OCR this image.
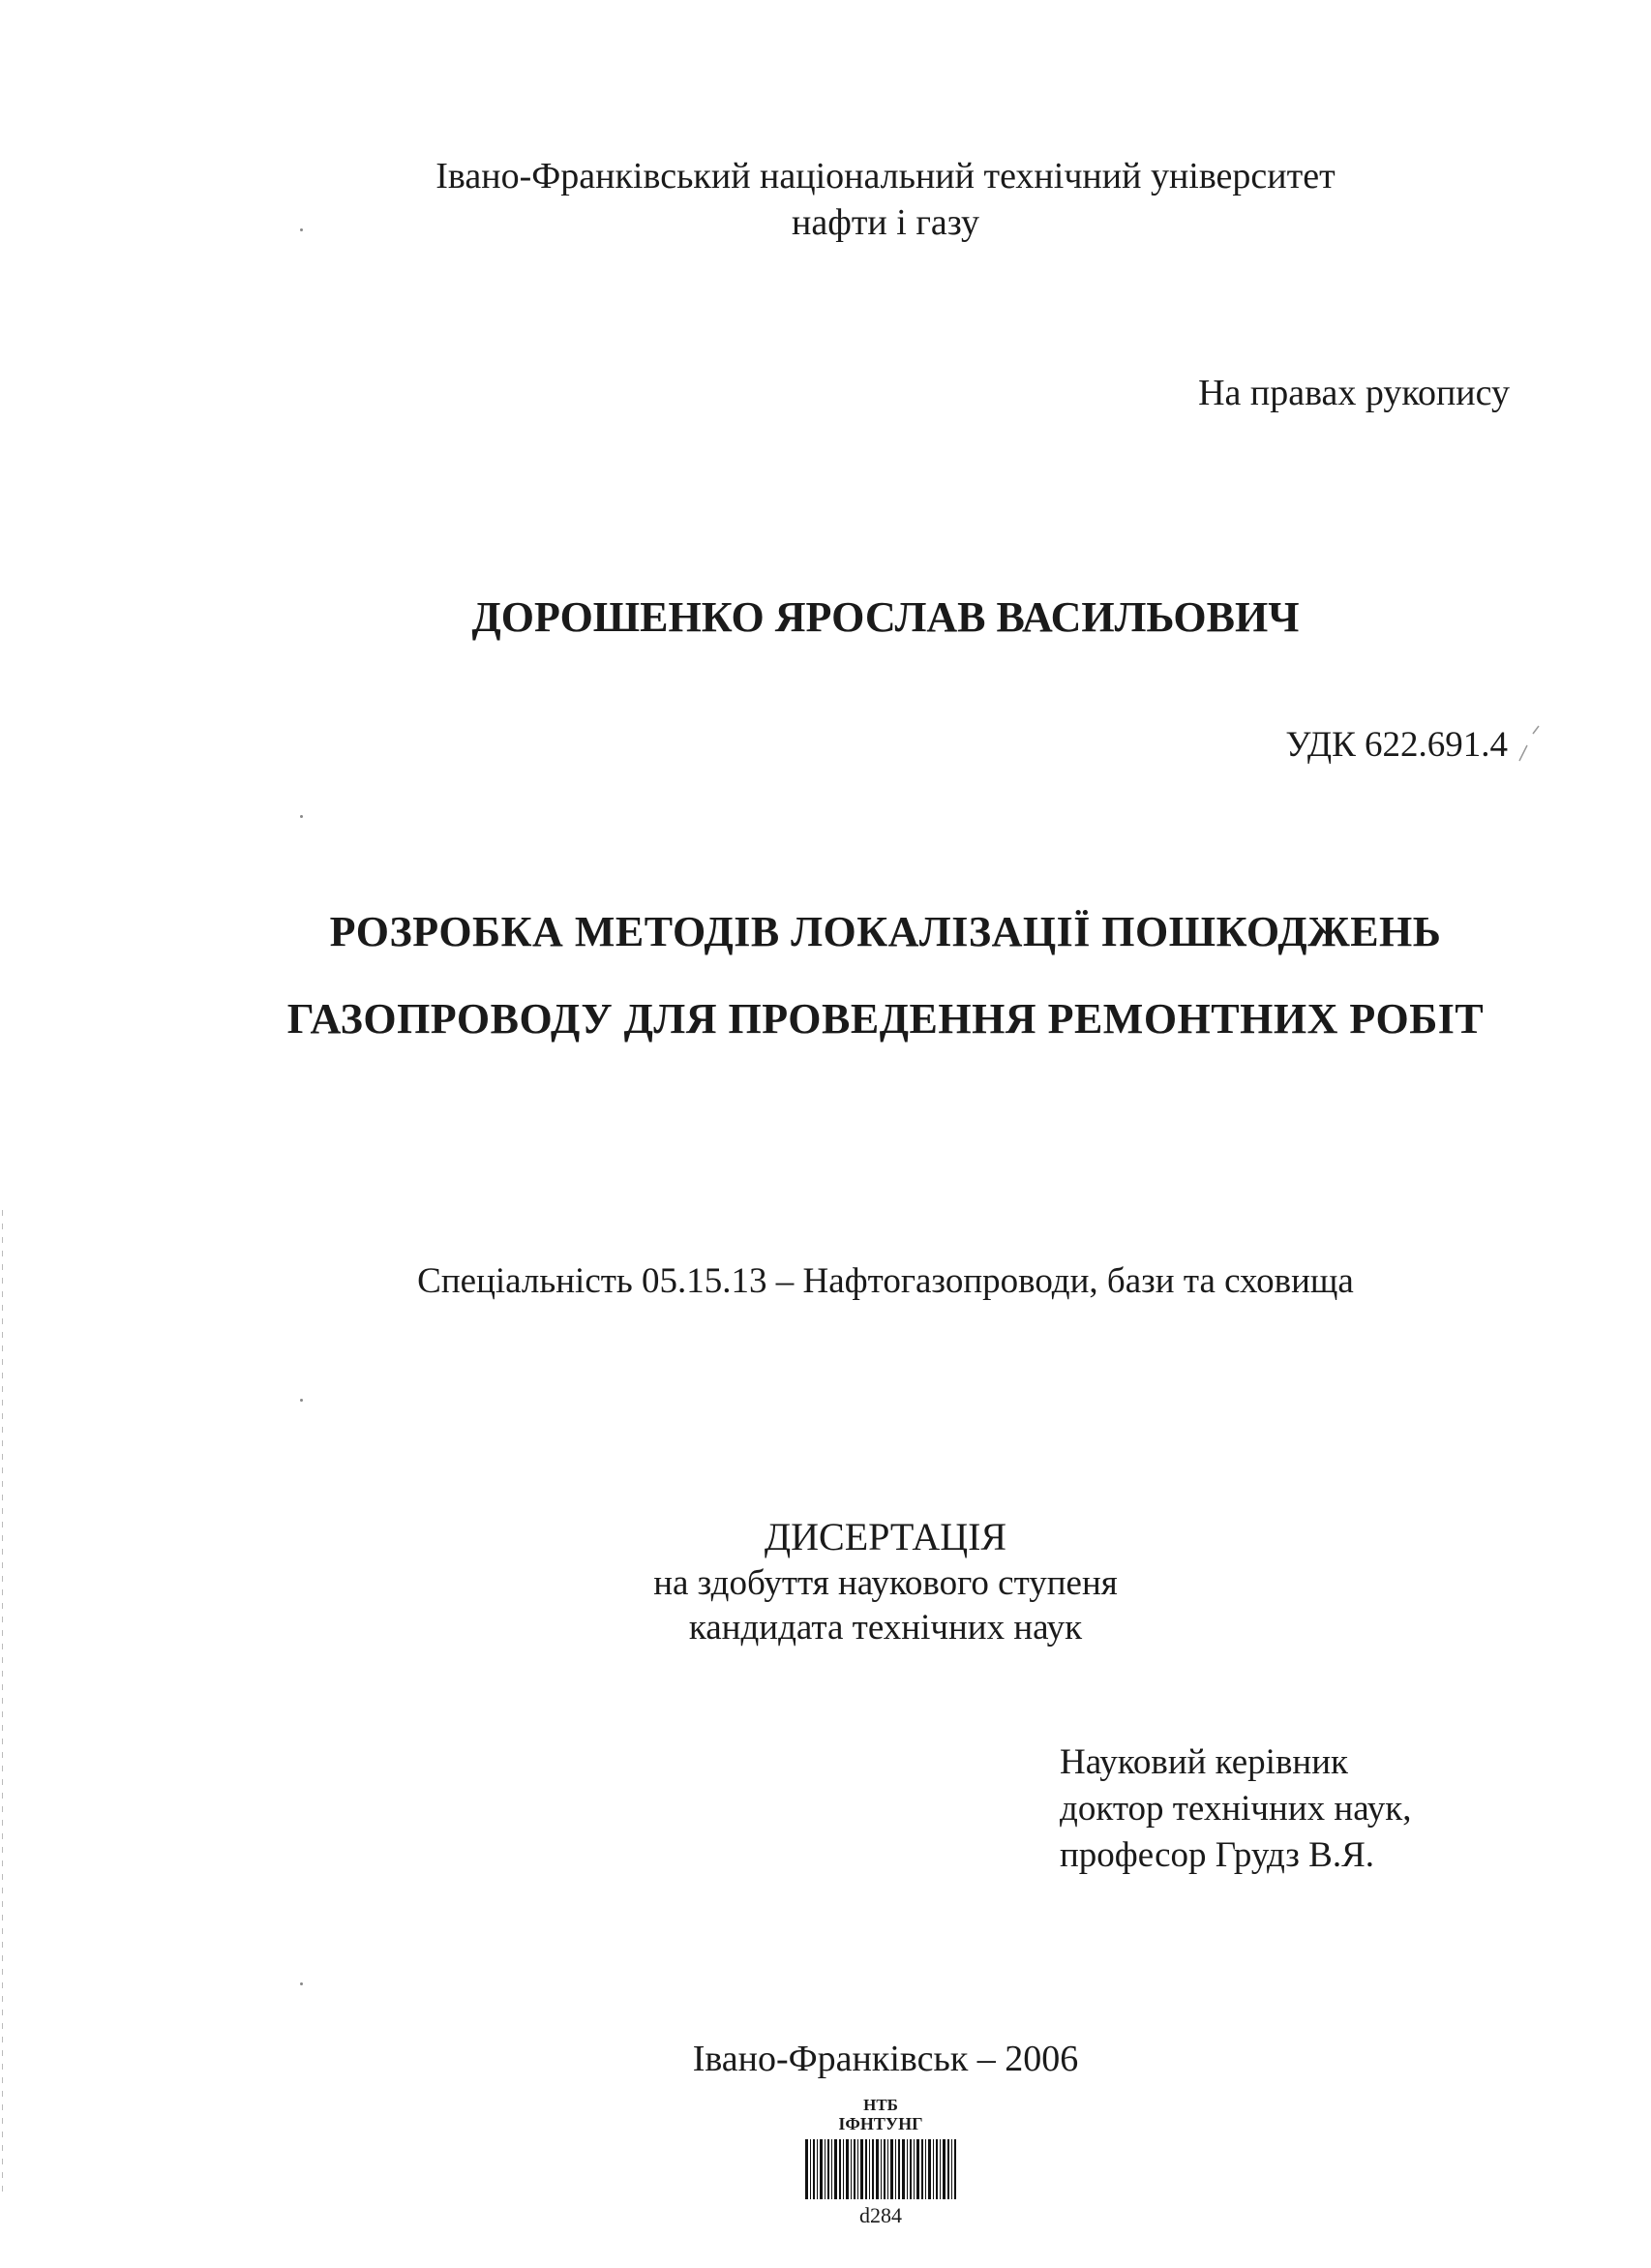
Івано-Франківський національний технічний університет
нафти і газу
На правах рукопису
ДОРОШЕНКО ЯРОСЛАВ ВАСИЛЬОВИЧ
УДК 622.691.4
РОЗРОБКА МЕТОДІВ ЛОКАЛІЗАЦІЇ ПОШКОДЖЕНЬ
ГАЗОПРОВОДУ ДЛЯ ПРОВЕДЕННЯ РЕМОНТНИХ РОБІТ
Спеціальність 05.15.13 – Нафтогазопроводи, бази та сховища
ДИСЕРТАЦІЯ
на здобуття наукового ступеня
кандидата технічних наук
Науковий керівник
доктор технічних наук,
професор Грудз В.Я.
Івано-Франківськ – 2006
НТБ
ІФНТУНГ
d284
